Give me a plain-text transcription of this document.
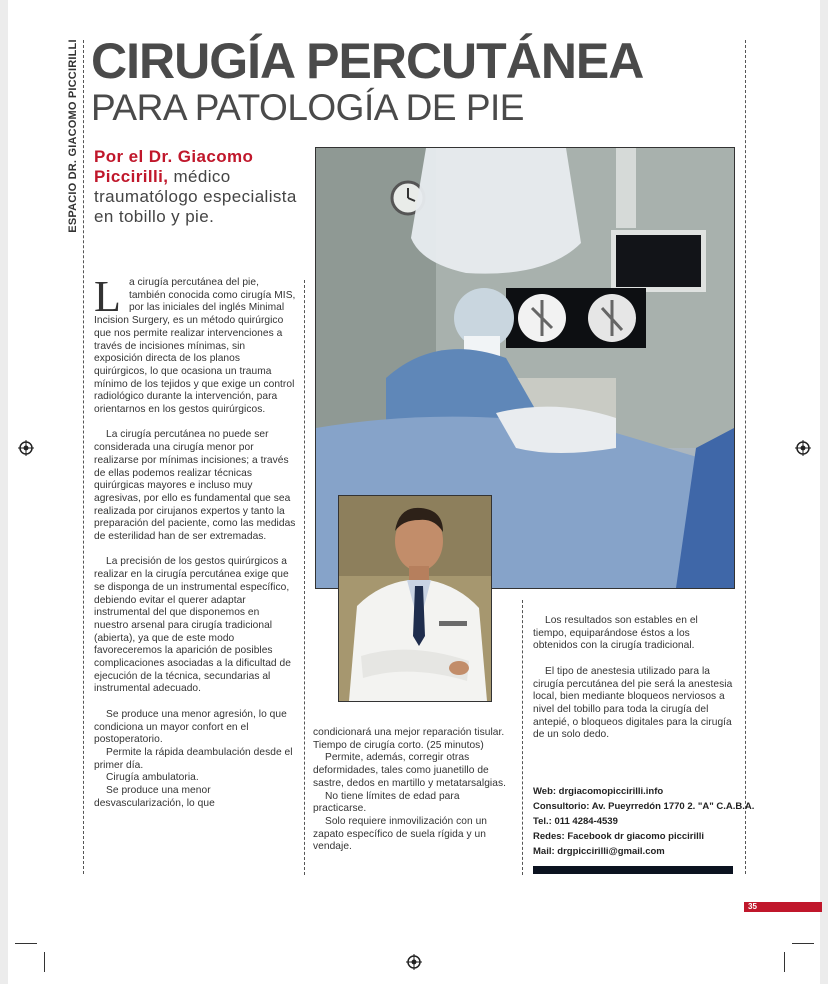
ESPACIO DR. GIACOMO PICCIRILLI CIRUGÍA PERCUTÁNEA
PARA PATOLOGÍA DE PIE
Por el Dr. Giacomo Piccirilli, médico traumatólogo especialista en tobillo y pie.

La cirugía percutánea del pie, también conocida como cirugía MIS, por las iniciales del inglés Minimal Incision Surgery, es un método quirúrgico que nos permite realizar intervenciones a través de incisiones mínimas, sin exposición directa de los planos quirúrgicos, lo que ocasiona un trauma mínimo de los tejidos y que exige un control radiológico durante la intervención, para orientarnos en los gestos quirúrgicos.

La cirugía percutánea no puede ser considerada una cirugía menor por realizarse por mínimas incisiones; a través de ellas podemos realizar técnicas quirúrgicas mayores e incluso muy agresivas, por ello es fundamental que sea realizada por cirujanos expertos y tanto la preparación del paciente, como las medidas de esterilidad han de ser extremadas.

La precisión de los gestos quirúrgicos a realizar en la cirugía percutánea exige que se disponga de un instrumental específico, debiendo evitar el querer adaptar instrumental del que disponemos en nuestro arsenal para cirugía tradicional (abierta), ya que de este modo favoreceremos la aparición de posibles complicaciones asociadas a la dificultad de ejecución de la técnica, secundarias al instrumental adecuado.

Se produce una menor agresión, lo que condiciona un mayor confort en el postoperatorio.

Permite la rápida deambulación desde el primer día.

Cirugía ambulatoria.

Se produce una menor desvascularización, lo que

condicionará una mejor reparación tisular. Tiempo de cirugía corto. (25 minutos)

Permite, además, corregir otras deformidades, tales como juanetillo de sastre, dedos en martillo y metatarsalgias.

No tiene límites de edad para practicarse.

Solo requiere inmovilización con un zapato específico de suela rígida y un vendaje.

Los resultados son estables en el tiempo, equiparándose éstos a los obtenidos con la cirugía tradicional.

El tipo de anestesia utilizado para la cirugía percutánea del pie será la anestesia local, bien mediante bloqueos nerviosos a nivel del tobillo para toda la cirugía del antepié, o bloqueos digitales para la cirugía de un solo dedo.

Web: drgiacomopiccirilli.info
Consultorio: Av. Pueyrredón 1770 2. "A" C.A.B.A.
Tel.: 011 4284-4539
Redes: Facebook dr giacomo piccirilli
Mail: drgpiccirilli@gmail.com
35
